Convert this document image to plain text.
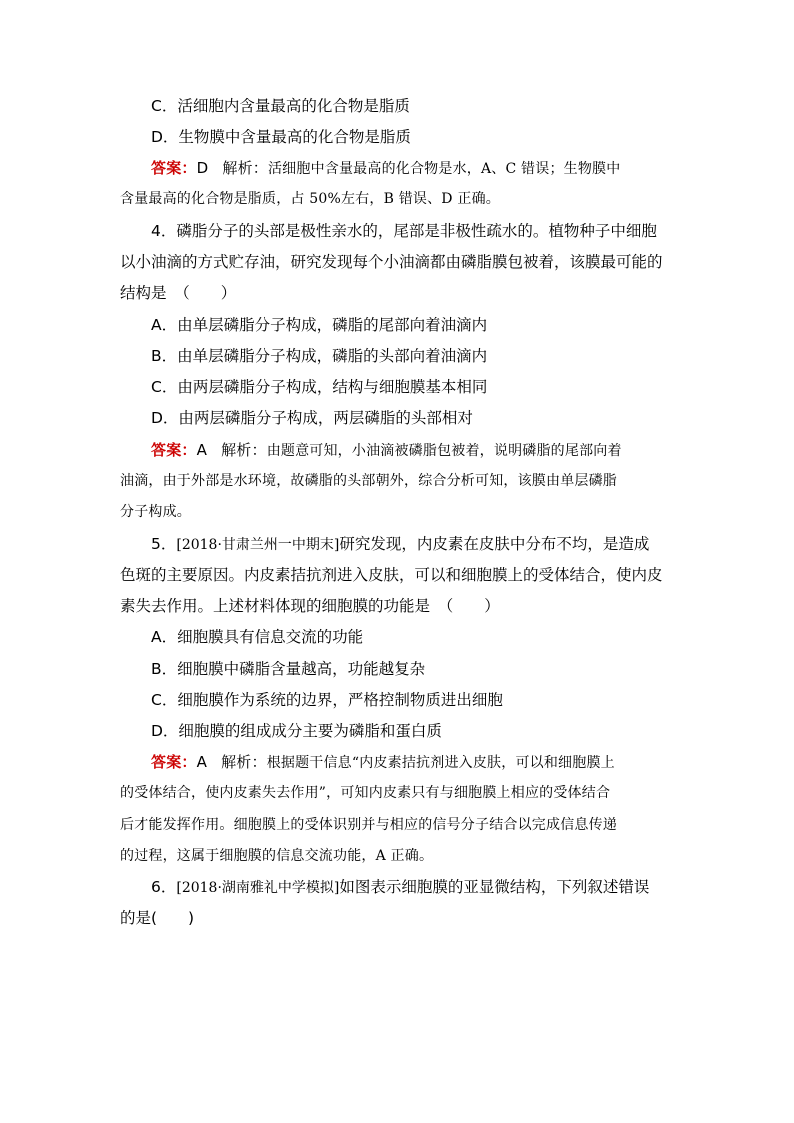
C．活细胞内含量最高的化合物是脂质
D．生物膜中含量最高的化合物是脂质
答案：D 解析：活细胞中含量最高的化合物是水，A、C 错误；生物膜中
含量最高的化合物是脂质，占 50%左右，B 错误、D 正确。
4．磷脂分子的头部是极性亲水的，尾部是非极性疏水的。植物种子中细胞
以小油滴的方式贮存油，研究发现每个小油滴都由磷脂膜包被着，该膜最可能的
结构是　（　　）
A．由单层磷脂分子构成，磷脂的尾部向着油滴内
B．由单层磷脂分子构成，磷脂的头部向着油滴内
C．由两层磷脂分子构成，结构与细胞膜基本相同
D．由两层磷脂分子构成，两层磷脂的头部相对
答案：A 解析：由题意可知，小油滴被磷脂包被着，说明磷脂的尾部向着
油滴，由于外部是水环境，故磷脂的头部朝外，综合分析可知，该膜由单层磷脂
分子构成。
5．[2018·甘肃兰州一中期末]研究发现，内皮素在皮肤中分布不均，是造成
色斑的主要原因。内皮素拮抗剂进入皮肤，可以和细胞膜上的受体结合，使内皮
素失去作用。上述材料体现的细胞膜的功能是　（　　）
A．细胞膜具有信息交流的功能
B．细胞膜中磷脂含量越高，功能越复杂
C．细胞膜作为系统的边界，严格控制物质进出细胞
D．细胞膜的组成成分主要为磷脂和蛋白质
答案：A 解析：根据题干信息“内皮素拮抗剂进入皮肤，可以和细胞膜上
的受体结合，使内皮素失去作用”，可知内皮素只有与细胞膜上相应的受体结合
后才能发挥作用。细胞膜上的受体识别并与相应的信号分子结合以完成信息传递
的过程，这属于细胞膜的信息交流功能，A 正确。
6．[2018·湖南雅礼中学模拟]如图表示细胞膜的亚显微结构，下列叙述错误
的是(　　)
